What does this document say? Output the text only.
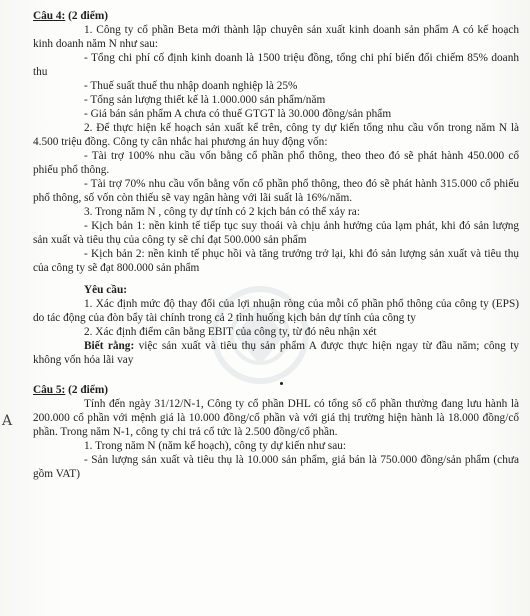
A

Câu 4: (2 điểm)

1. Công ty cổ phần Beta mới thành lập chuyên sản xuất kinh doanh sản phẩm A có kế hoạch kinh doanh năm N như sau:

- Tổng chi phí cố định kinh doanh là 1500 triệu đồng, tổng chi phí biến đổi chiếm 85% doanh thu

- Thuế suất thuế thu nhập doanh nghiệp là 25%

- Tổng sản lượng thiết kế là 1.000.000 sản phẩm/năm

- Giá bán sản phẩm A chưa có thuế GTGT là 30.000 đồng/sản phẩm

2. Để thực hiện kế hoạch sản xuất kể trên, công ty dự kiến tổng nhu cầu vốn trong năm N là 4.500 triệu đồng. Công ty cân nhắc hai phương án huy động vốn:

- Tài trợ 100% nhu cầu vốn bằng cổ phần phổ thông, theo theo đó sẽ phát hành 450.000 cổ phiếu phổ thông.

- Tài trợ 70% nhu cầu vốn bằng vốn cổ phần phổ thông, theo đó sẽ phát hành 315.000 cổ phiếu phổ thông, số vốn còn thiếu sẽ vay ngân hàng với lãi suất là 16%/năm.

3. Trong năm N , công ty dự tính có 2 kịch bản có thể xảy ra:

- Kịch bản 1: nền kinh tế tiếp tục suy thoái và chịu ảnh hưởng của lạm phát, khi đó sản lượng sản xuất và tiêu thụ của công ty sẽ chỉ đạt 500.000 sản phẩm

- Kịch bản 2: nền kinh tế phục hồi và tăng trưởng trở lại, khi đó sản lượng sản xuất và tiêu thụ của công ty sẽ đạt 800.000 sản phẩm

Yêu cầu:

1. Xác định mức độ thay đổi của lợi nhuận ròng của mỗi cổ phần phổ thông của công ty (EPS) do tác động của đòn bẩy tài chính trong cả 2 tình huống kịch bản dự tính của công ty

2. Xác định điểm cân bằng EBIT của công ty, từ đó nêu nhận xét

Biết rằng: việc sản xuất và tiêu thụ sản phẩm A được thực hiện ngay từ đầu năm; công ty không vốn hóa lãi vay

Câu 5: (2 điểm)

Tính đến ngày 31/12/N-1, Công ty cổ phần DHL có tổng số cổ phần thường đang lưu hành là 200.000 cổ phần với mệnh giá là 10.000 đồng/cổ phần và với giá thị trường hiện hành là 18.000 đồng/cổ phần. Trong năm N-1, công ty chi trả cổ tức là 2.500 đồng/cổ phần.

1. Trong năm N (năm kế hoạch), công ty dự kiến như sau:

- Sản lượng sản xuất và tiêu thụ là 10.000 sản phẩm, giá bán là 750.000 đồng/sản phẩm (chưa gồm VAT)
